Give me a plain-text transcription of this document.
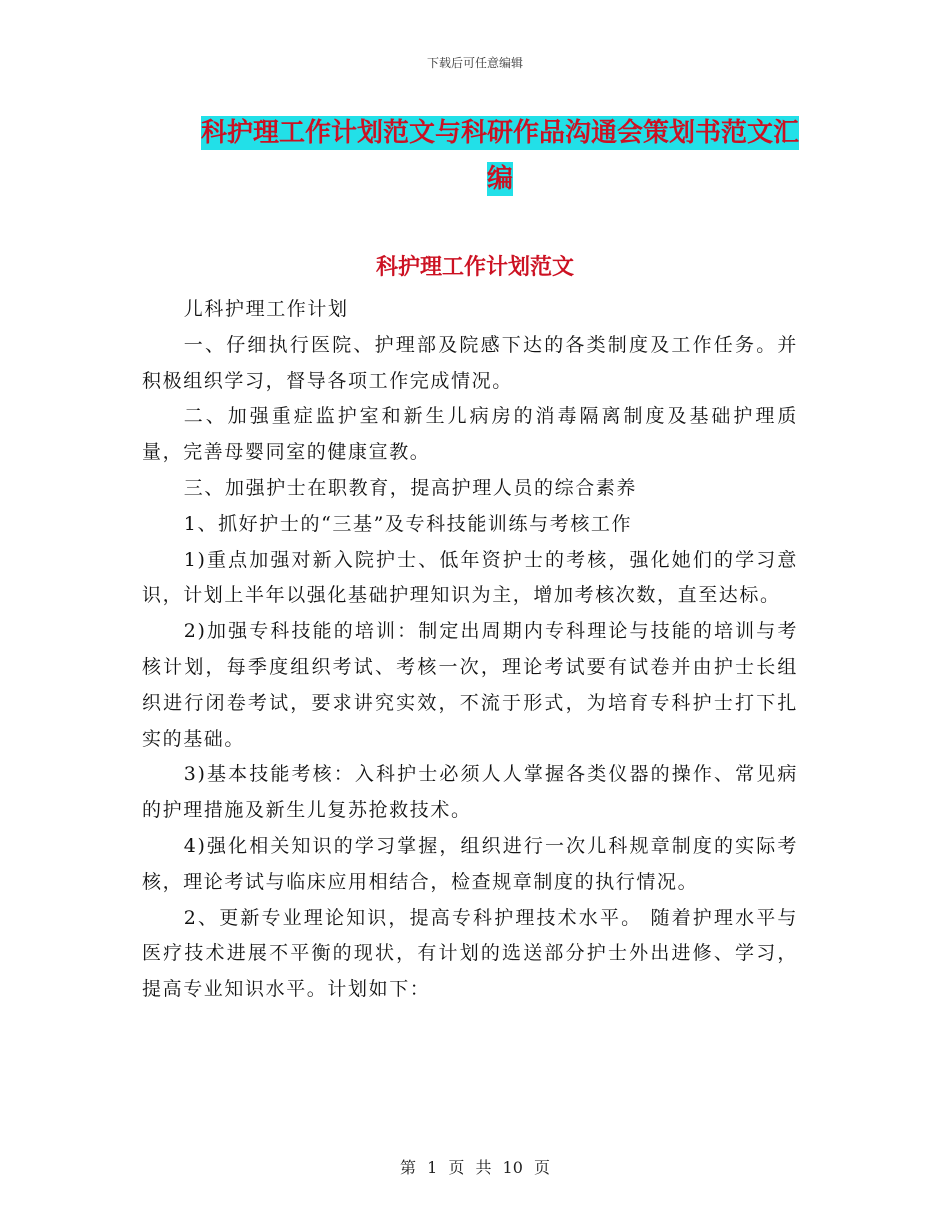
下载后可任意编辑
科护理工作计划范文与科研作品沟通会策划书范文汇编
科护理工作计划范文

儿科护理工作计划

一、仔细执行医院、护理部及院感下达的各类制度及工作任务。并积极组织学习，督导各项工作完成情况。

二、加强重症监护室和新生儿病房的消毒隔离制度及基础护理质量，完善母婴同室的健康宣教。

三、加强护士在职教育，提高护理人员的综合素养

1、抓好护士的“三基”及专科技能训练与考核工作

1)重点加强对新入院护士、低年资护士的考核，强化她们的学习意识，计划上半年以强化基础护理知识为主，增加考核次数，直至达标。

2)加强专科技能的培训：制定出周期内专科理论与技能的培训与考核计划，每季度组织考试、考核一次，理论考试要有试卷并由护士长组织进行闭卷考试，要求讲究实效，不流于形式，为培育专科护士打下扎实的基础。

3)基本技能考核：入科护士必须人人掌握各类仪器的操作、常见病的护理措施及新生儿复苏抢救技术。

4)强化相关知识的学习掌握，组织进行一次儿科规章制度的实际考核，理论考试与临床应用相结合，检查规章制度的执行情况。

2、更新专业理论知识，提高专科护理技术水平。 随着护理水平与医疗技术进展不平衡的现状，有计划的选送部分护士外出进修、学习，提高专业知识水平。计划如下：

第 1 页 共 10 页
